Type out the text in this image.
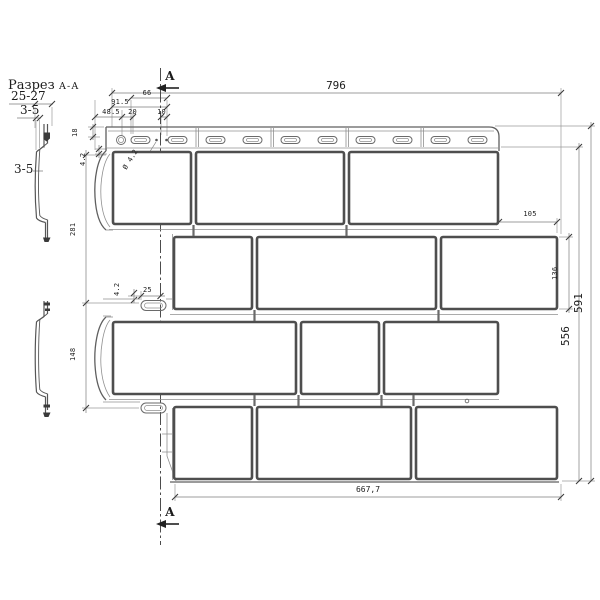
Разрез А-А
25-27
3-5
3-5
А
А
796
591
556
667,7
105
136
66
91.5
48.5	20	10
18
4.2	Ø 4.2
281
148
25
4.2
